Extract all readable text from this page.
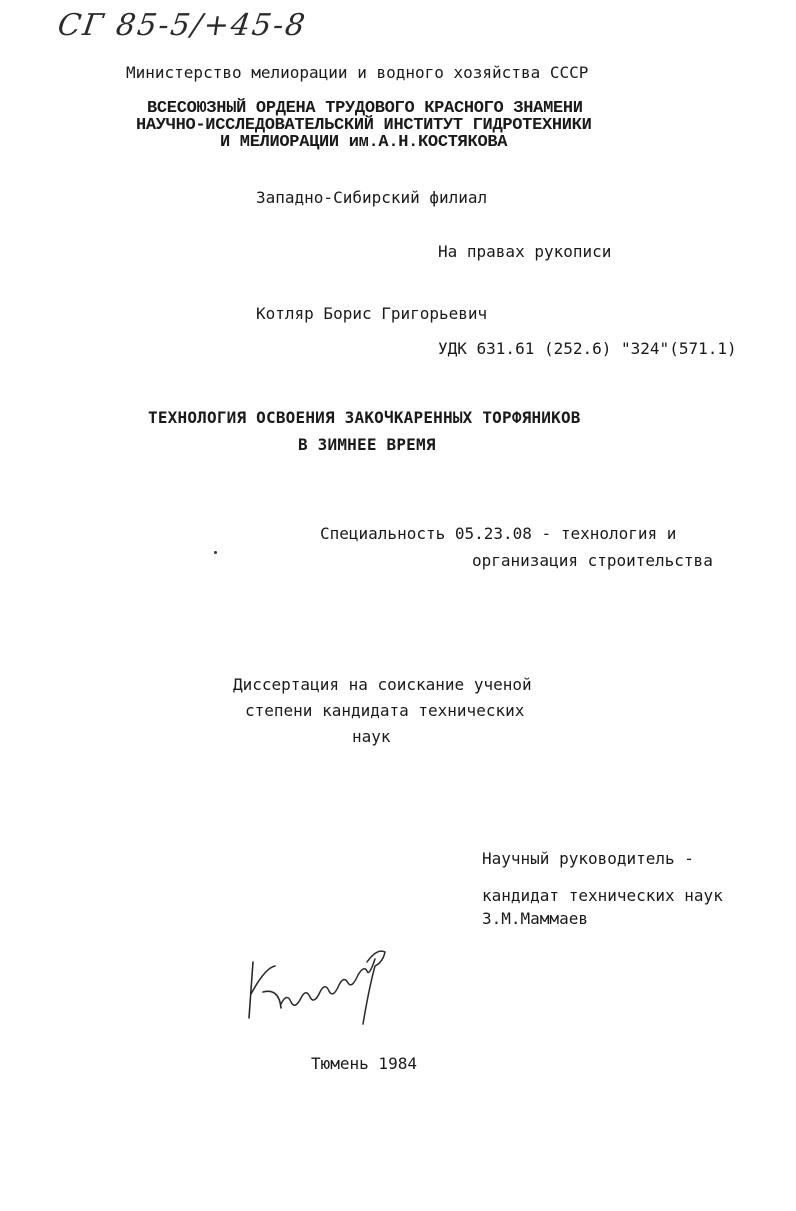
СГ 85-5/+45-8
Министерство мелиорации и водного хозяйства СССР
ВСЕСОЮЗНЫЙ ОРДЕНА ТРУДОВОГО КРАСНОГО ЗНАМЕНИ
НАУЧНО-ИССЛЕДОВАТЕЛЬСКИЙ ИНСТИТУТ ГИДРОТЕХНИКИ
И МЕЛИОРАЦИИ им.А.Н.КОСТЯКОВА
Западно-Сибирский филиал
На правах рукописи
Котляр Борис Григорьевич
УДК 631.61 (252.6) "324"(571.1)
ТЕХНОЛОГИЯ ОСВОЕНИЯ ЗАКОЧКАРЕННЫХ ТОРФЯНИКОВ
В ЗИМНЕЕ ВРЕМЯ
Специальность 05.23.08 - технология и
организация строительства
Диссертация на соискание ученой
степени кандидата технических
наук
Научный руководитель -
кандидат технических наук
З.М.Маммаев
Тюмень 1984
